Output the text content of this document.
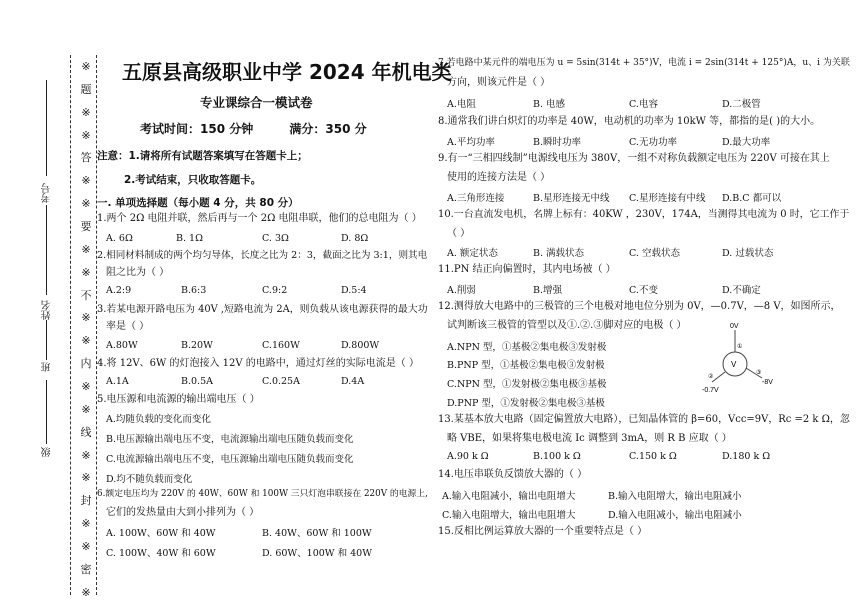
※
题
※
※
答
※
※
要
※
※
不
※
※
内
※
※
线
※
※
封
※
※
密
※
考号
姓名
班
级
五原县高级职业中学 2024 年机电类
专业课综合一模试卷
考试时间：150 分钟	满分：350 分
注意：1.请将所有试题答案填写在答题卡上；
2.考试结束，只收取答题卡。
一. 单项选择题（每小题 4 分，共 80 分）
1.两个 2Ω 电阻并联，然后再与一个 2Ω 电阻串联，他们的总电阻为（ ）
A. 6Ω	B. 1Ω	C. 3Ω	D. 8Ω
2.相同材料制成的两个均匀导体，长度之比为 2：3，截面之比为 3:1，则其电
阻之比为（ ）
A.2:9	B.6:3	C.9:2	D.5:4
3.若某电源开路电压为 40V ,短路电流为 2A，则负载从该电源获得的最大功
率是（ ）
A.80W	B.20W	C.160W	D.800W
4.将 12V、6W 的灯泡接入 12V 的电路中，通过灯丝的实际电流是（ ）
A.1A	B.0.5A	C.0.25A	D.4A
5.电压源和电流源的输出端电压（ ）
A.均随负载的变化而变化
B.电压源输出端电压不变，电流源输出端电压随负载而变化
C.电流源输出端电压不变，电压源输出端电压随负载而变化
D.均不随负载而变化
6.额定电压均为 220V 的 40W、60W 和 100W 三只灯泡串联接在 220V 的电源上,
它们的发热量由大到小排列为（ ）
A. 100W、60W 和 40W	B. 40W、60W 和 100W
C. 100W、40W 和 60W	D. 60W、100W 和 40W
7.若电路中某元件的端电压为 u = 5sin(314t + 35°)V，电流 i = 2sin(314t + 125°)A，u、i 为关联
方向，则该元件是（ ）
A.电阻	B. 电感	C.电容	D.二极管
8.通常我们讲白炽灯的功率是 40W，电动机的功率为 10kW 等，都指的是( )的大小。
A.平均功率	B.瞬时功率	C.无功功率	D.最大功率
9.有一“三相四线制”电源线电压为 380V，一组不对称负载额定电压为 220V 可接在其上
使用的连接方法是（ ）
A.三角形连接	B.星形连接无中线 C.星形连接有中线 D.B.C 都可以
10.一台直流发电机，名牌上标有：40KW ，230V，174A，当测得其电流为 0 时，它工作于
（ ）
A. 额定状态	B. 满载状态	C. 空载状态	D. 过载状态
11.PN 结正向偏置时，其内电场被（ ）
A.削弱	B.增强	C.不变	D.不确定
12.测得放大电路中的三极管的三个电极对地电位分别为 0V，—0.7V，—8 V，如图所示，
试判断该三极管的管型以及①.②.③脚对应的电极（ ）
A.NPN 型，①基极②集电极③发射极
B.PNP 型，①基极②集电极③发射极
C.NPN 型，①发射极②集电极③基极
D.PNP 型，①发射极②集电极③基极
13.某基本放大电路（固定偏置放大电路），已知晶体管的 β=60，Vcc=9V，Rc =2 k Ω，忽
略 VBE，如果将集电极电流 Ic 调整到 3mA，则 R B 应取（ ）
A.90 k Ω	B.100 k Ω	C.150 k Ω	D.180 k Ω
14.电压串联负反馈放大器的（ ）
A.输入电阻减小，输出电阻增大	B.输入电阻增大，输出电阻减小
C.输入电阻增大，输出电阻增大	D.输入电阻减小，输出电阻减小
15.反相比例运算放大器的一个重要特点是（ ）
0V
V
-0.7V
-8V
①
②
③
